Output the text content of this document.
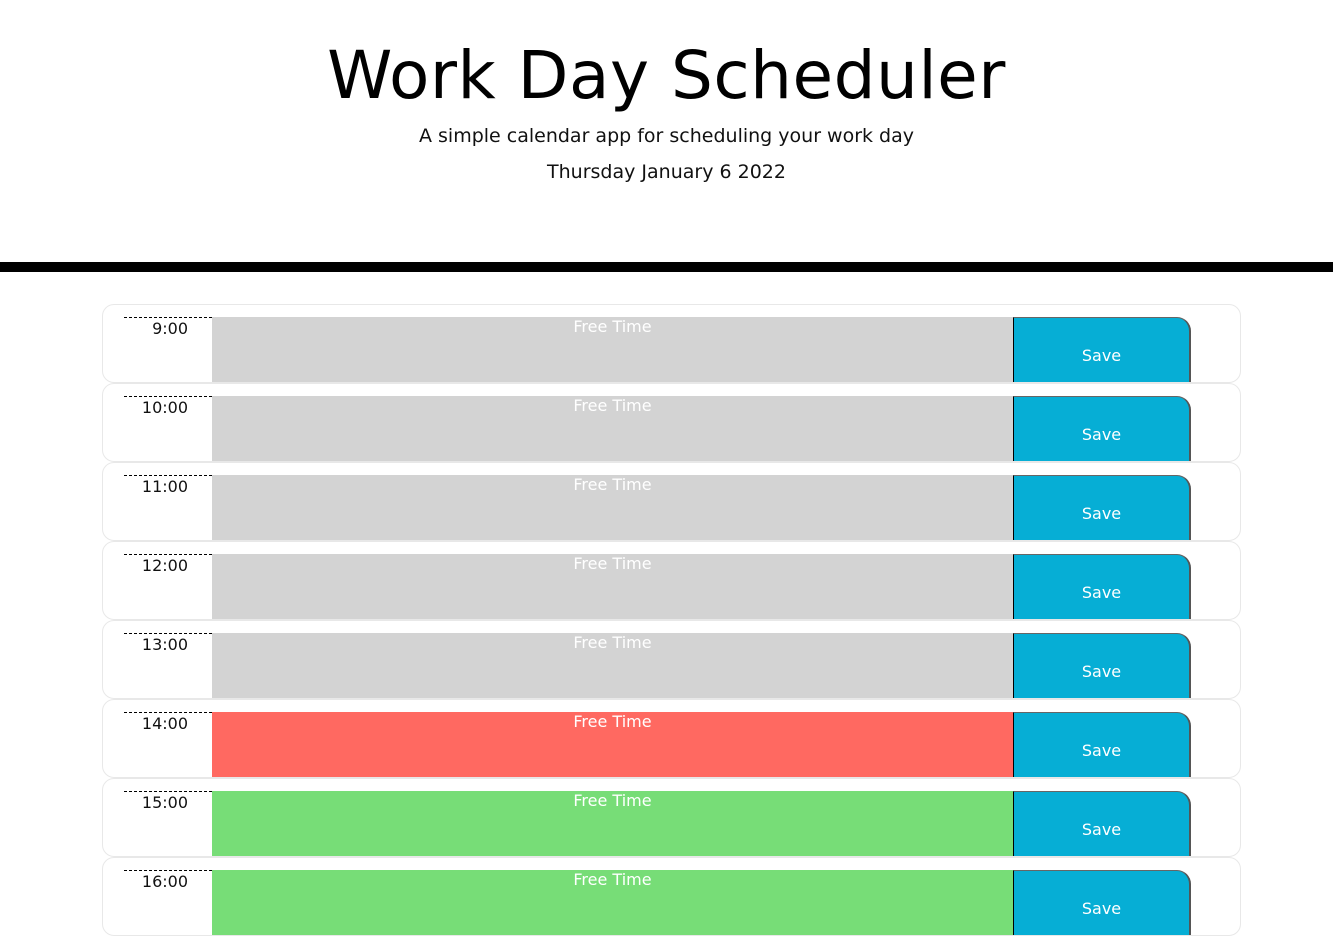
Work Day Scheduler
A simple calendar app for scheduling your work day
Thursday January 6 2022
9:00	Free Time
Save
10:00	Free Time
Save
11:00	Free Time
Save
12:00	Free Time
Save
13:00	Free Time
Save
14:00	Free Time
Save
15:00	Free Time
Save
16:00	Free Time
Save
